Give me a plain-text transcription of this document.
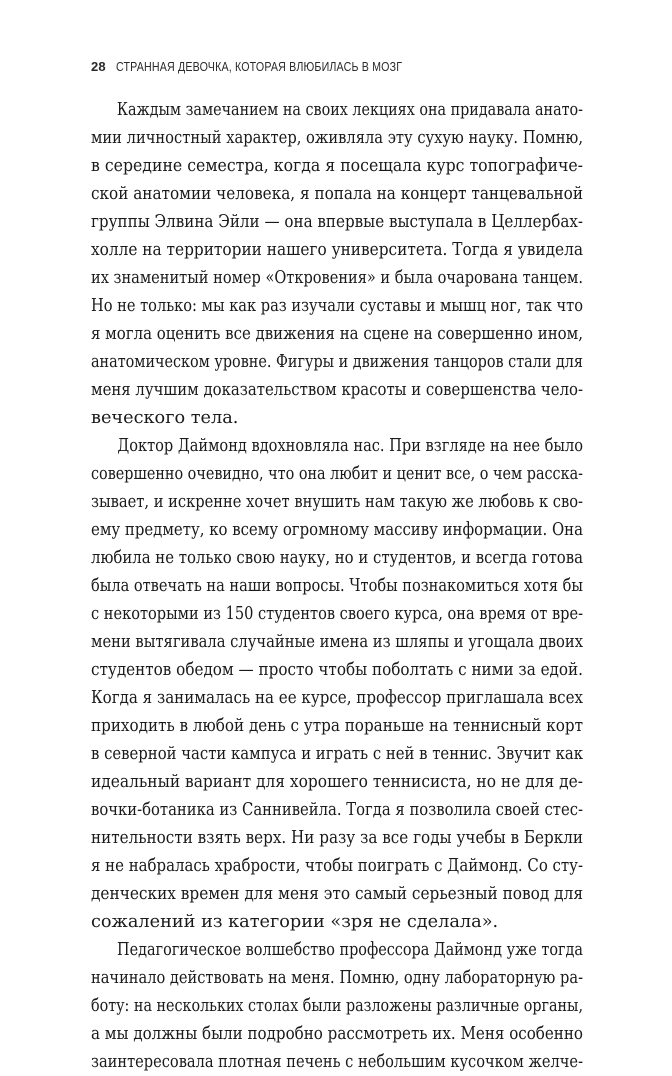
28 СТРАННАЯ ДЕВОЧКА, КОТОРАЯ ВЛЮБИЛАСЬ В МОЗГ
Каждым замечанием на своих лекциях она придавала анато-
мии личностный характер, оживляла эту сухую науку. Помню,
в середине семестра, когда я посещала курс топографиче-
ской анатомии человека, я попала на концерт танцевальной
группы Элвина Эйли — она впервые выступала в Целлербах-
холле на территории нашего университета. Тогда я увидела
их знаменитый номер «Откровения» и была очарована танцем.
Но не только: мы как раз изучали суставы и мышц ног, так что
я могла оценить все движения на сцене на совершенно ином,
анатомическом уровне. Фигуры и движения танцоров стали для
меня лучшим доказательством красоты и совершенства чело-
веческого тела.
Доктор Даймонд вдохновляла нас. При взгляде на нее было
совершенно очевидно, что она любит и ценит все, о чем расска-
зывает, и искренне хочет внушить нам такую же любовь к сво-
ему предмету, ко всему огромному массиву информации. Она
любила не только свою науку, но и студентов, и всегда готова
была отвечать на наши вопросы. Чтобы познакомиться хотя бы
с некоторыми из 150 студентов своего курса, она время от вре-
мени вытягивала случайные имена из шляпы и угощала двоих
студентов обедом — просто чтобы поболтать с ними за едой.
Когда я занималась на ее курсе, профессор приглашала всех
приходить в любой день с утра пораньше на теннисный корт
в северной части кампуса и играть с ней в теннис. Звучит как
идеальный вариант для хорошего теннисиста, но не для де-
вочки-ботаника из Саннивейла. Тогда я позволила своей стес-
нительности взять верх. Ни разу за все годы учебы в Беркли
я не набралась храбрости, чтобы поиграть с Даймонд. Со сту-
денческих времен для меня это самый серьезный повод для
сожалений из категории «зря не сделала».
Педагогическое волшебство профессора Даймонд уже тогда
начинало действовать на меня. Помню, одну лабораторную ра-
боту: на нескольких столах были разложены различные органы,
а мы должны были подробно рассмотреть их. Меня особенно
заинтересовала плотная печень с небольшим кусочком желче-
